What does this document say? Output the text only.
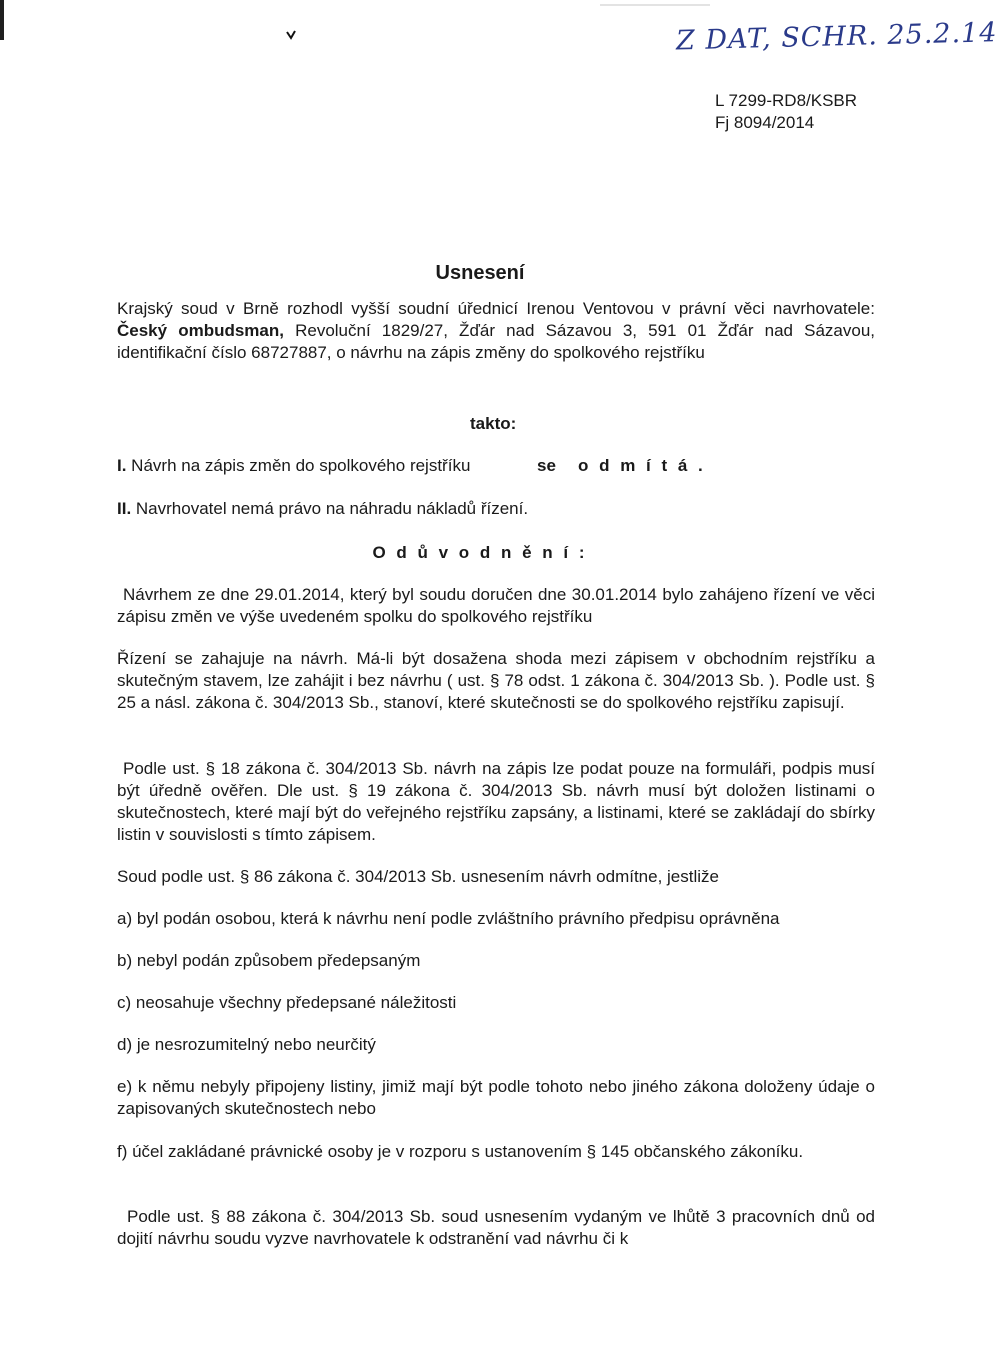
Z DAT, SCHR. 25.2.14
L 7299-RD8/KSBR
Fj 8094/2014
Usnesení
Krajský soud v Brně rozhodl vyšší soudní úřednicí Irenou Ventovou v právní věci navrhovatele: Český ombudsman, Revoluční 1829/27, Žďár nad Sázavou 3, 591 01 Žďár nad Sázavou, identifikační číslo 68727887, o návrhu na zápis změny do spolkového rejstříku
takto:
I. Návrh na zápis změn do spolkového rejstříku	se o d m í t á .
II. Navrhovatel nemá právo na náhradu nákladů řízení.
O d ů v o d n ě n í :
Návrhem ze dne 29.01.2014, který byl soudu doručen dne 30.01.2014 bylo zahájeno řízení ve věci zápisu změn ve výše uvedeném spolku do spolkového rejstříku
Řízení se zahajuje na návrh. Má-li být dosažena shoda mezi zápisem v obchodním rejstříku a skutečným stavem, lze zahájit i bez návrhu ( ust. § 78 odst. 1 zákona č. 304/2013 Sb. ). Podle ust. § 25 a násl. zákona č. 304/2013 Sb., stanoví, které skutečnosti se do spolkového rejstříku zapisují.
Podle ust. § 18 zákona č. 304/2013 Sb. návrh na zápis lze podat pouze na formuláři, podpis musí být úředně ověřen. Dle ust. § 19 zákona č. 304/2013 Sb. návrh musí být doložen listinami o skutečnostech, které mají být do veřejného rejstříku zapsány, a listinami, které se zakládají do sbírky listin v souvislosti s tímto zápisem.
Soud podle ust. § 86 zákona č. 304/2013 Sb. usnesením návrh odmítne, jestliže
a) byl podán osobou, která k návrhu není podle zvláštního právního předpisu oprávněna
b) nebyl podán způsobem předepsaným
c) neosahuje všechny předepsané náležitosti
d) je nesrozumitelný nebo neurčitý
e) k němu nebyly připojeny listiny, jimiž mají být podle tohoto nebo jiného zákona doloženy údaje o zapisovaných skutečnostech nebo
f) účel zakládané právnické osoby je v rozporu s ustanovením § 145 občanského zákoníku.
Podle ust. § 88 zákona č. 304/2013 Sb. soud usnesením vydaným ve lhůtě 3 pracovních dnů od dojití návrhu soudu vyzve navrhovatele k odstranění vad návrhu či k
